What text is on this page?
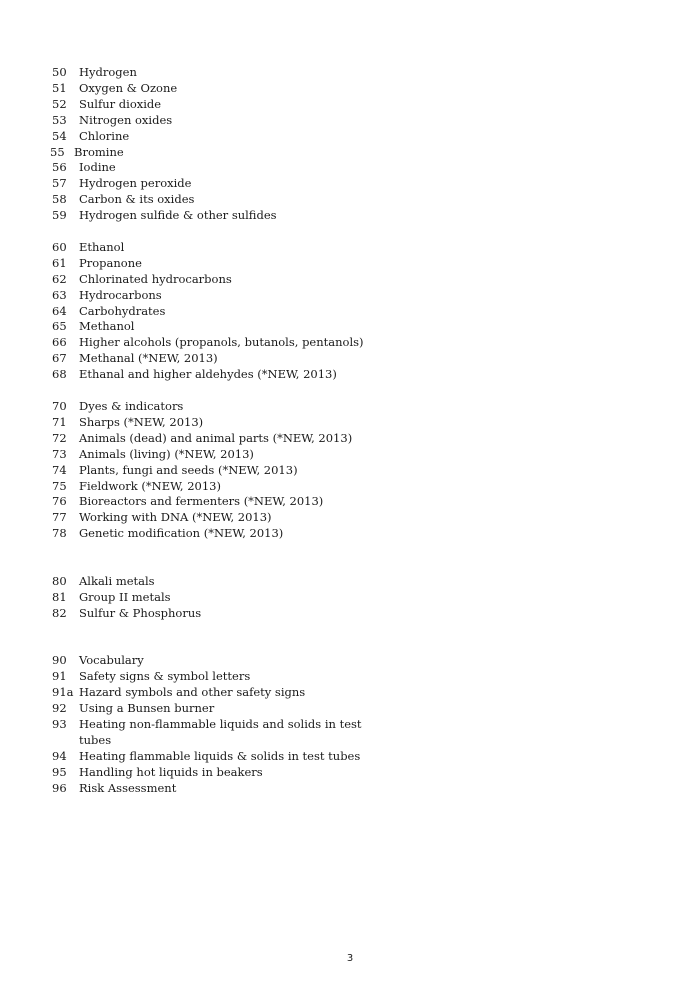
50	Hydrogen
51	Oxygen & Ozone
52	Sulfur dioxide
53	Nitrogen oxides
54	Chlorine
55 Bromine
56	Iodine
57	Hydrogen peroxide
58	Carbon & its oxides
59	Hydrogen sulfide & other sulfides
60	Ethanol
61	Propanone
62	Chlorinated hydrocarbons
63	Hydrocarbons
64	Carbohydrates
65	Methanol
66	Higher alcohols (propanols, butanols, pentanols)
67	Methanal (*NEW, 2013)
68	Ethanal and higher aldehydes (*NEW, 2013)
70	Dyes & indicators
71	Sharps (*NEW, 2013)
72	Animals (dead) and animal parts (*NEW, 2013)
73	Animals (living) (*NEW, 2013)
74	Plants, fungi and seeds (*NEW, 2013)
75	Fieldwork (*NEW, 2013)
76	Bioreactors and fermenters (*NEW, 2013)
77	Working with DNA (*NEW, 2013)
78	Genetic modification (*NEW, 2013)
80	Alkali metals
81	Group II metals
82	Sulfur & Phosphorus
90	Vocabulary
91	Safety signs & symbol letters
91a Hazard symbols and other safety signs
92	Using a Bunsen burner
93	Heating non-flammable liquids and solids in test tubes
94	Heating flammable liquids & solids in test tubes
95	Handling hot liquids in beakers
96	Risk Assessment
3
